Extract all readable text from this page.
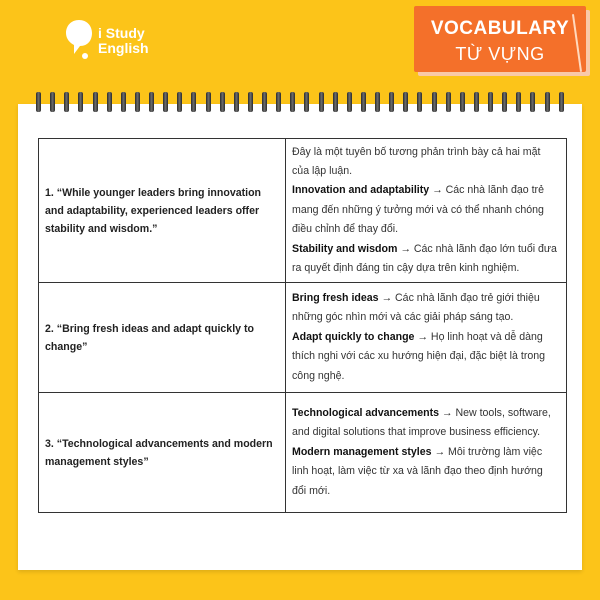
i Study
English
VOCABULARY
TỪ VỰNG
1. “While younger leaders bring innovation and adaptability, experienced leaders offer stability and wisdom.”	Đây là một tuyên bố tương phản trình bày cả hai mặt của lập luận.
Innovation and adaptability → Các nhà lãnh đạo trẻ mang đến những ý tưởng mới và có thể nhanh chóng điều chỉnh để thay đổi.
Stability and wisdom → Các nhà lãnh đạo lớn tuổi đưa ra quyết định đáng tin cậy dựa trên kinh nghiệm.

2. “Bring fresh ideas and adapt quickly to change”	Bring fresh ideas → Các nhà lãnh đạo trẻ giới thiệu những góc nhìn mới và các giải pháp sáng tạo.
Adapt quickly to change → Họ linh hoạt và dễ dàng thích nghi với các xu hướng hiện đại, đặc biệt là trong công nghệ.

3. “Technological advancements and modern management styles”	Technological advancements → New tools, software, and digital solutions that improve business efficiency.
Modern management styles → Môi trường làm việc linh hoạt, làm việc từ xa và lãnh đạo theo định hướng đổi mới.
